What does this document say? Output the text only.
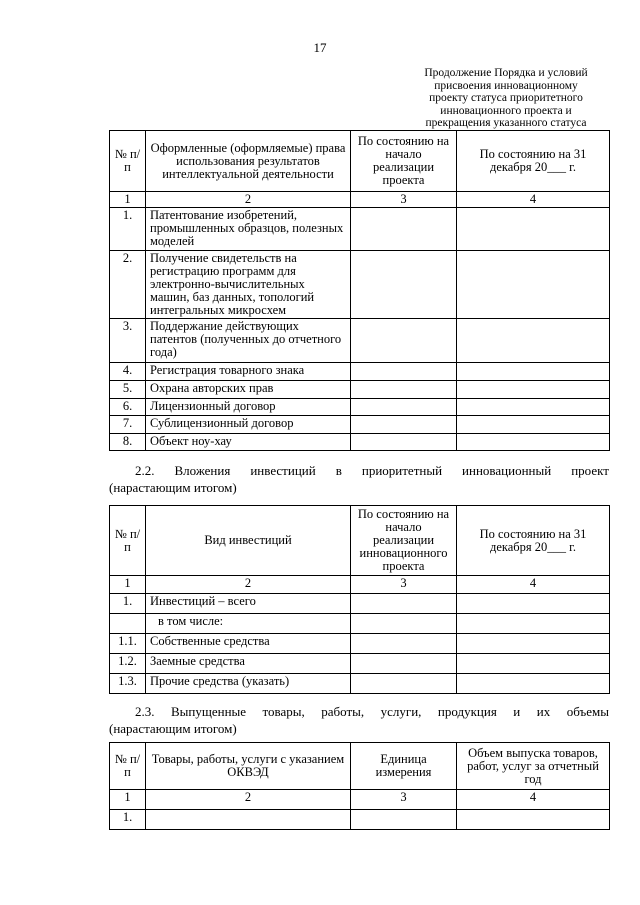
17
Продолжение Порядка и условий
присвоения инновационному
проекту статуса приоритетного
инновационного проекта и
прекращения указанного статуса
№ п/п	Оформленные (оформляемые) права использования результатов интеллектуальной деятельности	По состоянию на начало реализации проекта	По состоянию на 31 декабря 20___ г.
1	2	3	4
1.	Патентование изобретений, промышленных образцов, полезных моделей		
2.	Получение свидетельств на регистрацию программ для электронно-вычислительных машин, баз данных, топологий интегральных микросхем		
3.	Поддержание действующих патентов (полученных до отчетного года)		
4.	Регистрация товарного знака		
5.	Охрана авторских прав		
6.	Лицензионный договор		
7.	Сублицензионный договор		
8.	Объект ноу-хау		
2.2. Вложения инвестиций в приоритетный инновационный проект
(нарастающим итогом)
№ п/п	Вид инвестиций	По состоянию на начало реализации инновационного проекта	По состоянию на 31 декабря 20___ г.
1	2	3	4
1.	Инвестиций – всего		
	в том числе:		
1.1.	Собственные средства		
1.2.	Заемные средства		
1.3.	Прочие средства (указать)		
2.3. Выпущенные товары, работы, услуги, продукция и их объемы
(нарастающим итогом)
№ п/п	Товары, работы, услуги с указанием ОКВЭД	Единица измерения	Объем выпуска товаров, работ, услуг за отчетный год
1	2	3	4
1.			
